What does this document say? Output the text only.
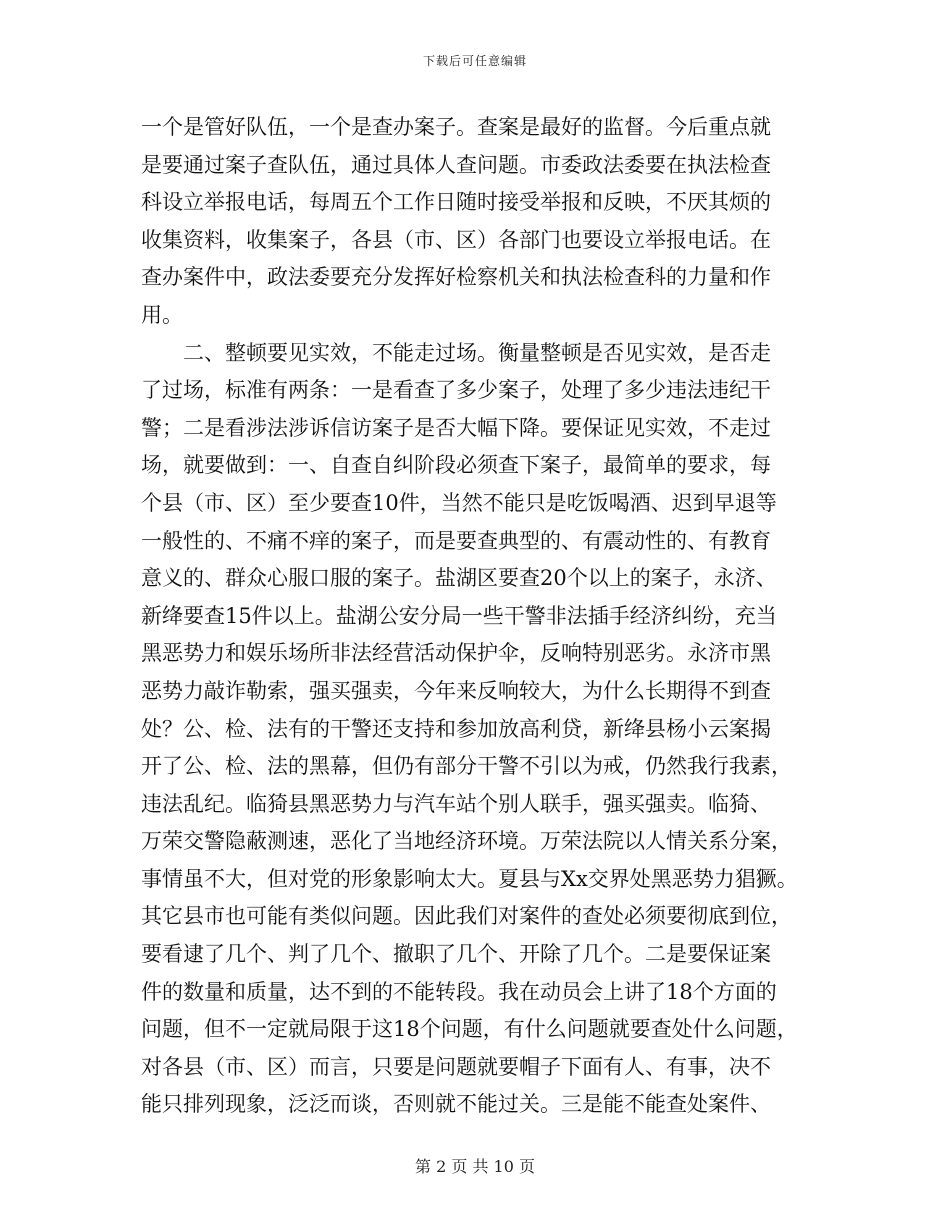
下载后可任意编辑
一个是管好队伍，一个是查办案子。查案是最好的监督。今后重点就
是要通过案子查队伍，通过具体人查问题。市委政法委要在执法检查
科设立举报电话，每周五个工作日随时接受举报和反映，不厌其烦的
收集资料，收集案子，各县（市、区）各部门也要设立举报电话。在
查办案件中，政法委要充分发挥好检察机关和执法检查科的力量和作
用。
二、整顿要见实效，不能走过场。衡量整顿是否见实效，是否走
了过场，标准有两条：一是看查了多少案子，处理了多少违法违纪干
警；二是看涉法涉诉信访案子是否大幅下降。要保证见实效，不走过
场，就要做到：一、自查自纠阶段必须查下案子，最简单的要求，每
个县（市、区）至少要查10件，当然不能只是吃饭喝酒、迟到早退等
一般性的、不痛不痒的案子，而是要查典型的、有震动性的、有教育
意义的、群众心服口服的案子。盐湖区要查20个以上的案子，永济、
新绛要查15件以上。盐湖公安分局一些干警非法插手经济纠纷，充当
黑恶势力和娱乐场所非法经营活动保护伞，反响特别恶劣。永济市黑
恶势力敲诈勒索，强买强卖，今年来反响较大，为什么长期得不到查
处？公、检、法有的干警还支持和参加放高利贷，新绛县杨小云案揭
开了公、检、法的黑幕，但仍有部分干警不引以为戒，仍然我行我素，
违法乱纪。临猗县黑恶势力与汽车站个别人联手，强买强卖。临猗、
万荣交警隐蔽测速，恶化了当地经济环境。万荣法院以人情关系分案，
事情虽不大，但对党的形象影响太大。夏县与Xx交界处黑恶势力猖獗。
其它县市也可能有类似问题。因此我们对案件的查处必须要彻底到位，
要看逮了几个、判了几个、撤职了几个、开除了几个。二是要保证案
件的数量和质量，达不到的不能转段。我在动员会上讲了18个方面的
问题，但不一定就局限于这18个问题，有什么问题就要查处什么问题，
对各县（市、区）而言，只要是问题就要帽子下面有人、有事，决不
能只排列现象，泛泛而谈，否则就不能过关。三是能不能查处案件、
第 2 页 共 10 页
